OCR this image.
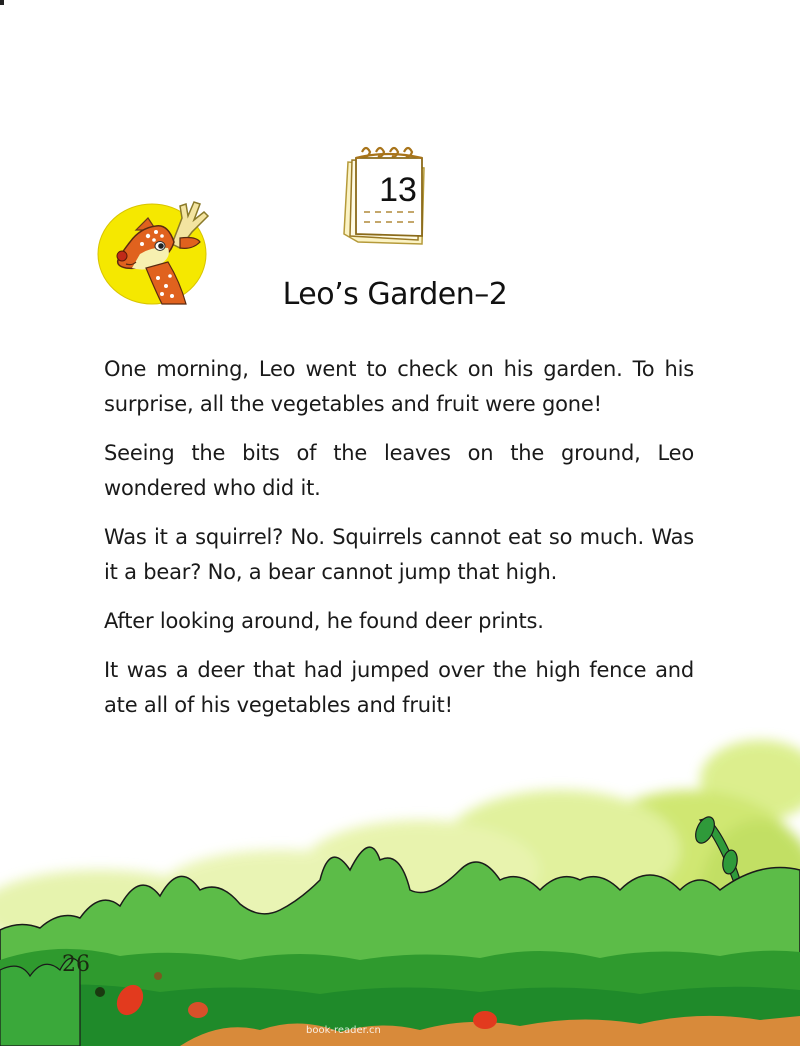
13
Leo’s Garden–2

One morning, Leo went to check on his garden. To his surprise, all the vegetables and fruit were gone!

Seeing the bits of the leaves on the ground, Leo wondered who did it.

Was it a squirrel? No. Squirrels cannot eat so much. Was it a bear? No, a bear cannot jump that high.

After looking around, he found deer prints.

It was a deer that had jumped over the high fence and ate all of his vegetables and fruit!

26
book-reader.cn
